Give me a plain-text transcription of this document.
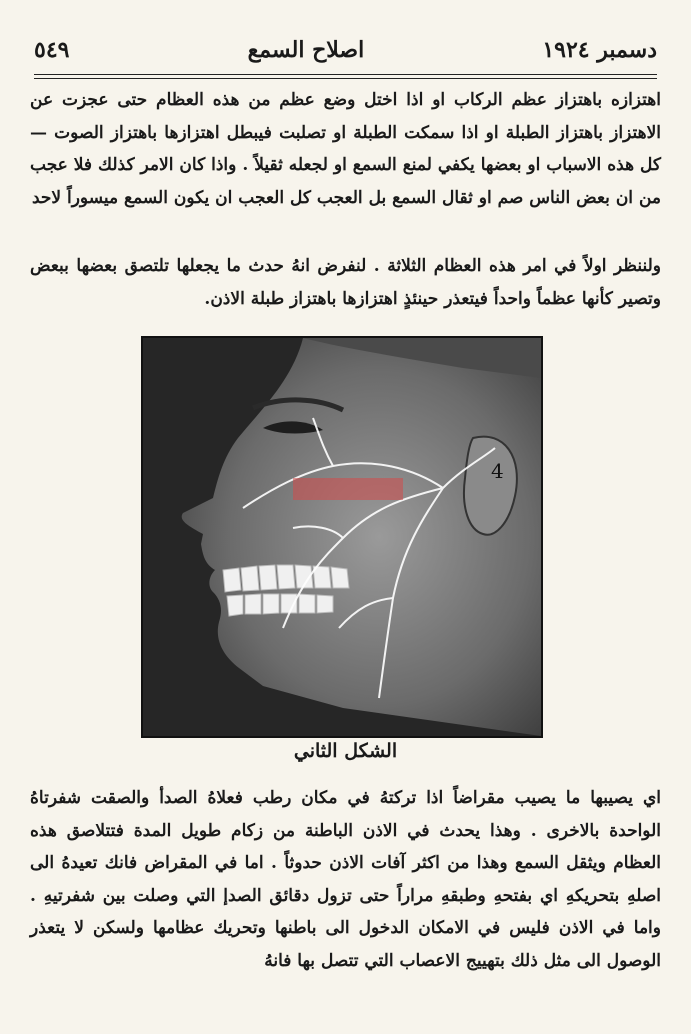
دسمبر ١٩٢٤
اصلاح السمع
٥٤٩

اهتزازه باهتزاز عظم الركاب او اذا اختل وضع عظم من هذه العظام حتى عجزت عن الاهتزاز باهتزاز الطبلة او اذا سمكت الطبلة او تصلبت فيبطل اهتزازها باهتزاز الصوت — كل هذه الاسباب او بعضها يكفي لمنع السمع او لجعله ثقيلاً . واذا كان الامر كذلك فلا عجب من ان بعض الناس صم او ثقال السمع بل العجب كل العجب ان يكون السمع ميسوراً لاحد

ولننظر اولاً في امر هذه العظام الثلاثة . لنفرض انهُ حدث ما يجعلها تلتصق بعضها ببعض وتصير كأنها عظماً واحداً فيتعذر حينئذٍ اهتزازها باهتزاز طبلة الاذن.

4
الشكل الثاني

اي يصيبها ما يصيب مقراضاً اذا تركتهُ في مكان رطب فعلاهُ الصدأ والصقت شفرتاهُ الواحدة بالاخرى . وهذا يحدث في الاذن الباطنة من زكام طويل المدة فتتلاصق هذه العظام ويثقل السمع وهذا من اكثر آفات الاذن حدوثاً . اما في المقراض فانك تعيدهُ الى اصلهِ بتحريكهِ اي بفتحهِ وطبقهِ مراراً حتى تزول دقائق الصدإ التي وصلت بين شفرتيهِ . واما في الاذن فليس في الامكان الدخول الى باطنها وتحريك عظامها ولسكن لا يتعذر الوصول الى مثل ذلك بتهييج الاعصاب التي تتصل بها فانهُ
